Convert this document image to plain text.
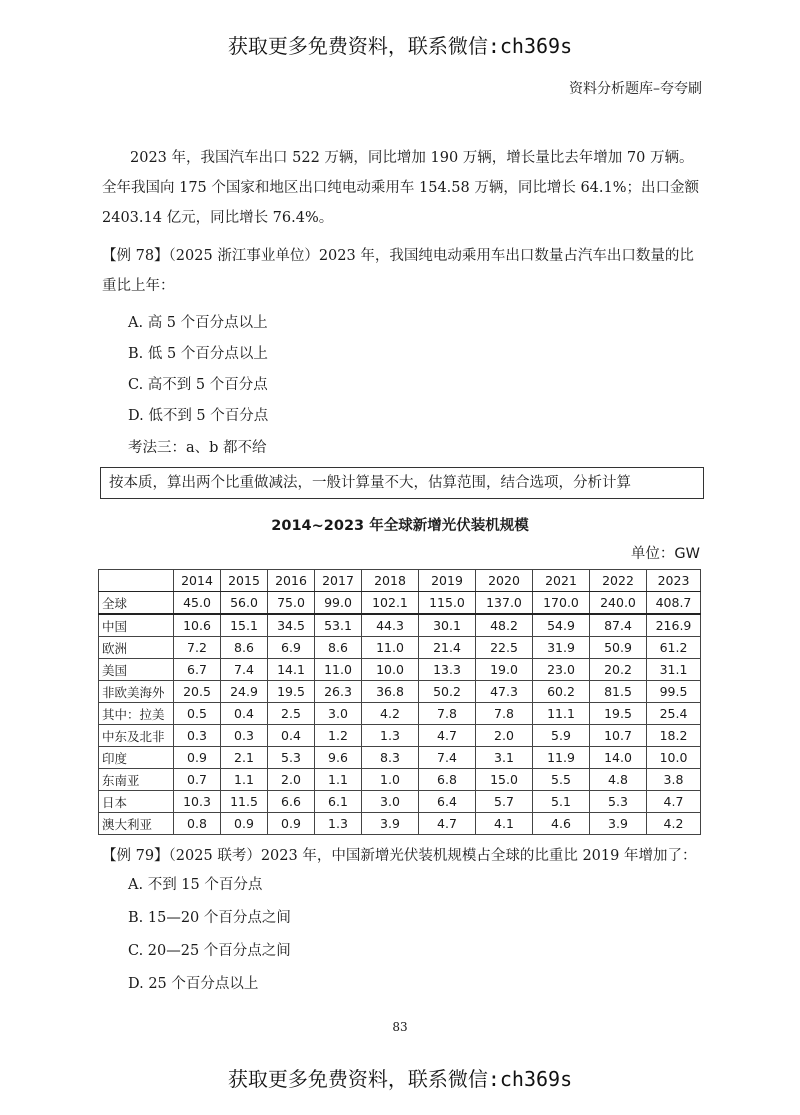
获取更多免费资料，联系微信:ch369s
资料分析题库–夸夸刷
2023 年，我国汽车出口 522 万辆，同比增加 190 万辆，增长量比去年增加 70 万辆。全年我国向 175 个国家和地区出口纯电动乘用车 154.58 万辆，同比增长 64.1%；出口金额 2403.14 亿元，同比增长 76.4%。
【例 78】（2025 浙江事业单位）2023 年，我国纯电动乘用车出口数量占汽车出口数量的比重比上年：
A. 高 5 个百分点以上
B. 低 5 个百分点以上
C. 高不到 5 个百分点
D. 低不到 5 个百分点
考法三：a、b 都不给
按本质，算出两个比重做减法，一般计算量不大，估算范围，结合选项，分析计算
2014~2023 年全球新增光伏装机规模
单位：GW
	2014	2015	2016	2017	2018	2019	2020	2021	2022	2023
全球	45.0	56.0	75.0	99.0	102.1	115.0	137.0	170.0	240.0	408.7
中国	10.6	15.1	34.5	53.1	44.3	30.1	48.2	54.9	87.4	216.9
欧洲	7.2	8.6	6.9	8.6	11.0	21.4	22.5	31.9	50.9	61.2
美国	6.7	7.4	14.1	11.0	10.0	13.3	19.0	23.0	20.2	31.1
非欧美海外	20.5	24.9	19.5	26.3	36.8	50.2	47.3	60.2	81.5	99.5
其中：拉美	0.5	0.4	2.5	3.0	4.2	7.8	7.8	11.1	19.5	25.4
中东及北非	0.3	0.3	0.4	1.2	1.3	4.7	2.0	5.9	10.7	18.2
印度	0.9	2.1	5.3	9.6	8.3	7.4	3.1	11.9	14.0	10.0
东南亚	0.7	1.1	2.0	1.1	1.0	6.8	15.0	5.5	4.8	3.8
日本	10.3	11.5	6.6	6.1	3.0	6.4	5.7	5.1	5.3	4.7
澳大利亚	0.8	0.9	0.9	1.3	3.9	4.7	4.1	4.6	3.9	4.2
【例 79】（2025 联考）2023 年，中国新增光伏装机规模占全球的比重比 2019 年增加了：
A. 不到 15 个百分点
B. 15—20 个百分点之间
C. 20—25 个百分点之间
D. 25 个百分点以上
83
获取更多免费资料，联系微信:ch369s
